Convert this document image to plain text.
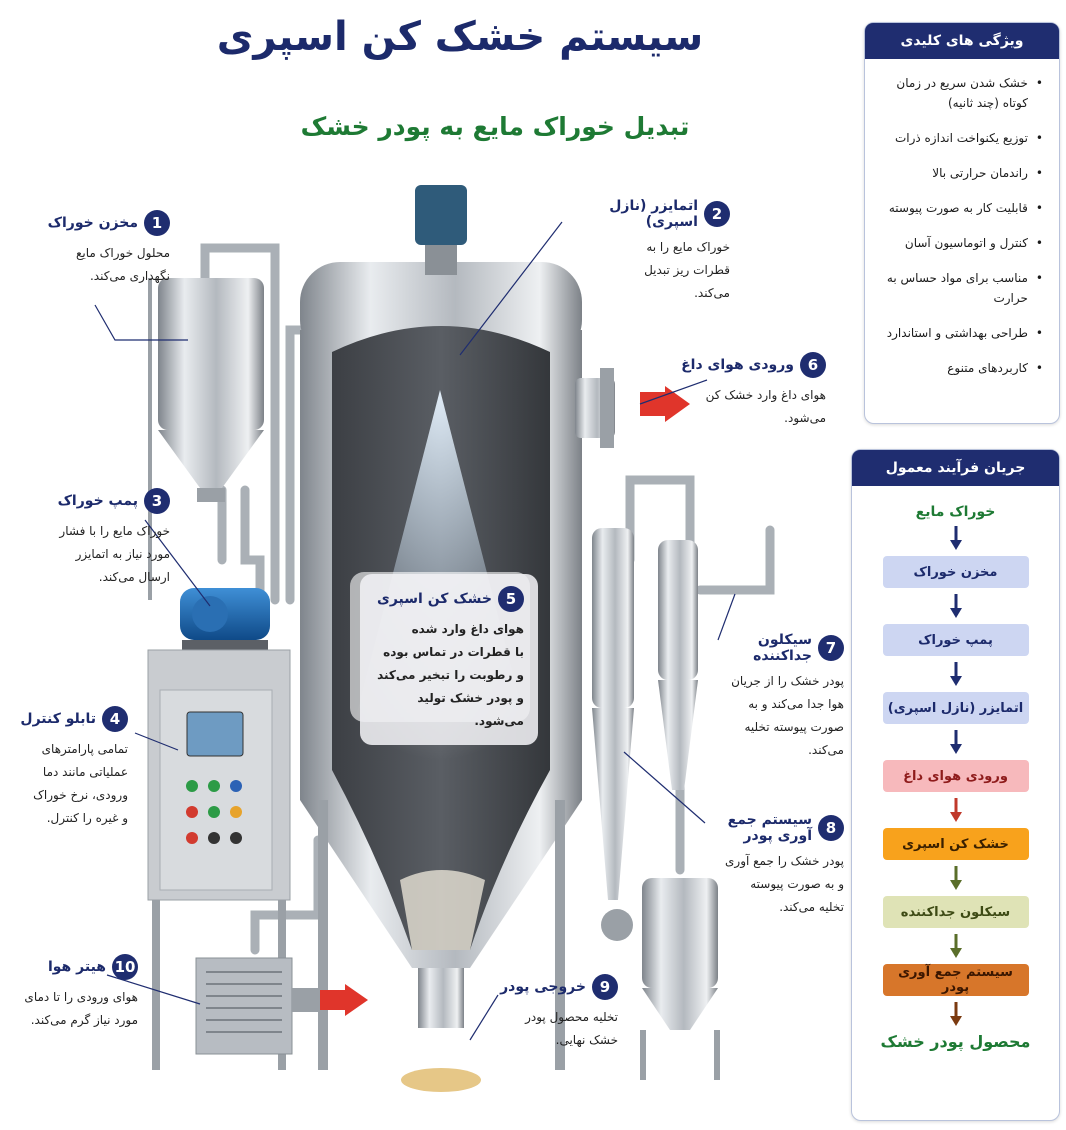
سیستم خشک کن اسپری
تبدیل خوراک مایع به پودر خشک
1
مخزن خوراک
محلول خوراک مایع
نگهداری می‌کند.
2
اتمایزر (نازل اسپری)
خوراک مایع را به
قطرات ریز تبدیل
می‌کند.
3
پمپ خوراک
خوراک مایع را با فشار
مورد نیاز به اتمایزر
ارسال می‌کند.
4
تابلو کنترل
تمامی پارامترهای
عملیاتی مانند دما
ورودی، نرخ خوراک
و غیره را کنترل.
5
خشک کن اسپری
هوای داغ وارد شده
با قطرات در تماس بوده
و رطوبت را تبخیر می‌کند
و پودر خشک تولید
می‌شود.
6
ورودی هوای داغ
هوای داغ وارد خشک کن
می‌شود.
7
سیکلون جداکننده
پودر خشک را از جریان
هوا جدا می‌کند و به
صورت پیوسته تخلیه
می‌کند.
8
سیستم جمع آوری پودر
پودر خشک را جمع آوری
و به صورت پیوسته
تخلیه می‌کند.
9
خروجی پودر
تخلیه محصول پودر
خشک نهایی.
10
هیتر هوا
هوای ورودی را تا دمای
مورد نیاز گرم می‌کند.
ویژگی های کلیدی
•
خشک شدن سریع در زمان کوتاه (چند ثانیه)
•
توزیع یکنواخت اندازه ذرات
•
راندمان حرارتی بالا
•
قابلیت کار به صورت پیوسته
•
کنترل و اتوماسیون آسان
•
مناسب برای مواد حساس به حرارت
•
طراحی بهداشتی و استاندارد
•
کاربردهای متنوع
جریان فرآیند معمول
خوراک مایع
مخزن خوراک
پمپ خوراک
اتمایزر (نازل اسپری)
ورودی هوای داغ
خشک کن اسپری
سیکلون جداکننده
سیستم جمع آوری پودر
محصول پودر خشک
